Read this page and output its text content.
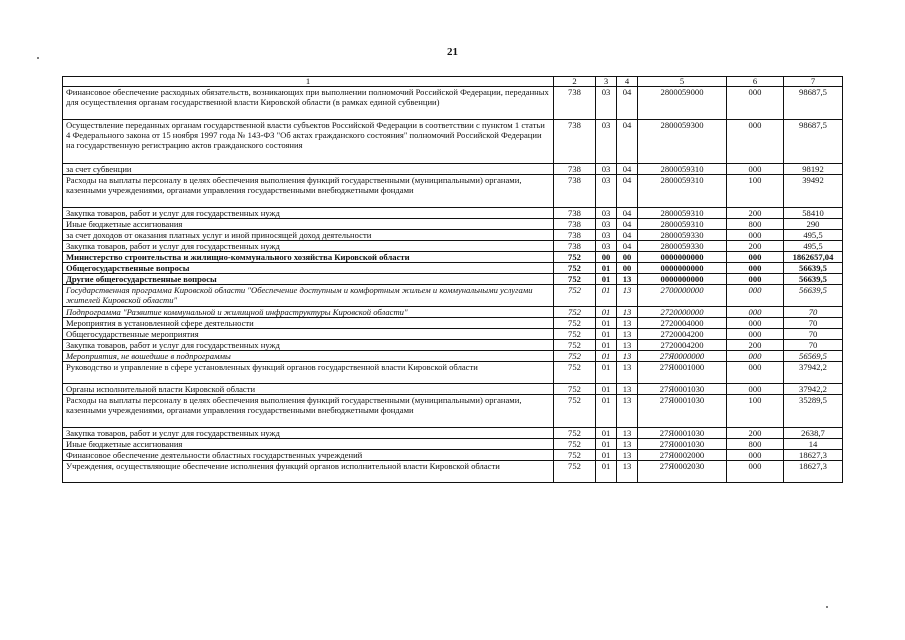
21
1	2	3	4	5	6	7
Финансовое обеспечение расходных обязательств, возникающих при выполнении полномочий Российской Федерации, переданных для осуществления органам государственной власти Кировской области (в рамках единой субвенции)	738	03	04	2800059000	000	98687,5
Осуществление переданных органам государственной власти субъектов Российской Федерации в соответствии с пунктом 1 статьи 4 Федерального закона от 15 ноября 1997 года № 143-ФЗ "Об актах гражданского состояния" полномочий Российской Федерации на государственную регистрацию актов гражданского состояния	738	03	04	2800059300	000	98687,5
за счет субвенции	738	03	04	2800059310	000	98192
Расходы на выплаты персоналу в целях обеспечения выполнения функций государственными (муниципальными) органами, казенными учреждениями, органами управления государственными внебюджетными фондами	738	03	04	2800059310	100	39492
Закупка товаров, работ и услуг для государственных нужд	738	03	04	2800059310	200	58410
Иные бюджетные ассигнования	738	03	04	2800059310	800	290
за счет доходов от оказания платных услуг и иной приносящей доход деятельности	738	03	04	2800059330	000	495,5
Закупка товаров, работ и услуг для государственных нужд	738	03	04	2800059330	200	495,5
Министерство строительства и жилищно-коммунального хозяйства Кировской области	752	00	00	0000000000	000	1862657,04
Общегосударственные вопросы	752	01	00	0000000000	000	56639,5
Другие общегосударственные вопросы	752	01	13	0000000000	000	56639,5
Государственная программа Кировской области "Обеспечение доступным и комфортным жильем и коммунальными услугами жителей Кировской области"	752	01	13	2700000000	000	56639,5
Подпрограмма "Развитие коммунальной и жилищной инфраструктуры Кировской области"	752	01	13	2720000000	000	70
Мероприятия в установленной сфере деятельности	752	01	13	2720004000	000	70
Общегосударственные мероприятия	752	01	13	2720004200	000	70
Закупка товаров, работ и услуг для государственных нужд	752	01	13	2720004200	200	70
Мероприятия, не вошедшие в подпрограммы	752	01	13	27Я0000000	000	56569,5
Руководство и управление в сфере установленных функций органов государственной власти Кировской области	752	01	13	27Я0001000	000	37942,2
Органы исполнительной власти Кировской области	752	01	13	27Я0001030	000	37942,2
Расходы на выплаты персоналу в целях обеспечения выполнения функций государственными (муниципальными) органами, казенными учреждениями, органами управления государственными внебюджетными фондами	752	01	13	27Я0001030	100	35289,5
Закупка товаров, работ и услуг для государственных нужд	752	01	13	27Я0001030	200	2638,7
Иные бюджетные ассигнования	752	01	13	27Я0001030	800	14
Финансовое обеспечение деятельности областных государственных учреждений	752	01	13	27Я0002000	000	18627,3
Учреждения, осуществляющие обеспечение исполнения функций органов исполнительной власти Кировской области	752	01	13	27Я0002030	000	18627,3
